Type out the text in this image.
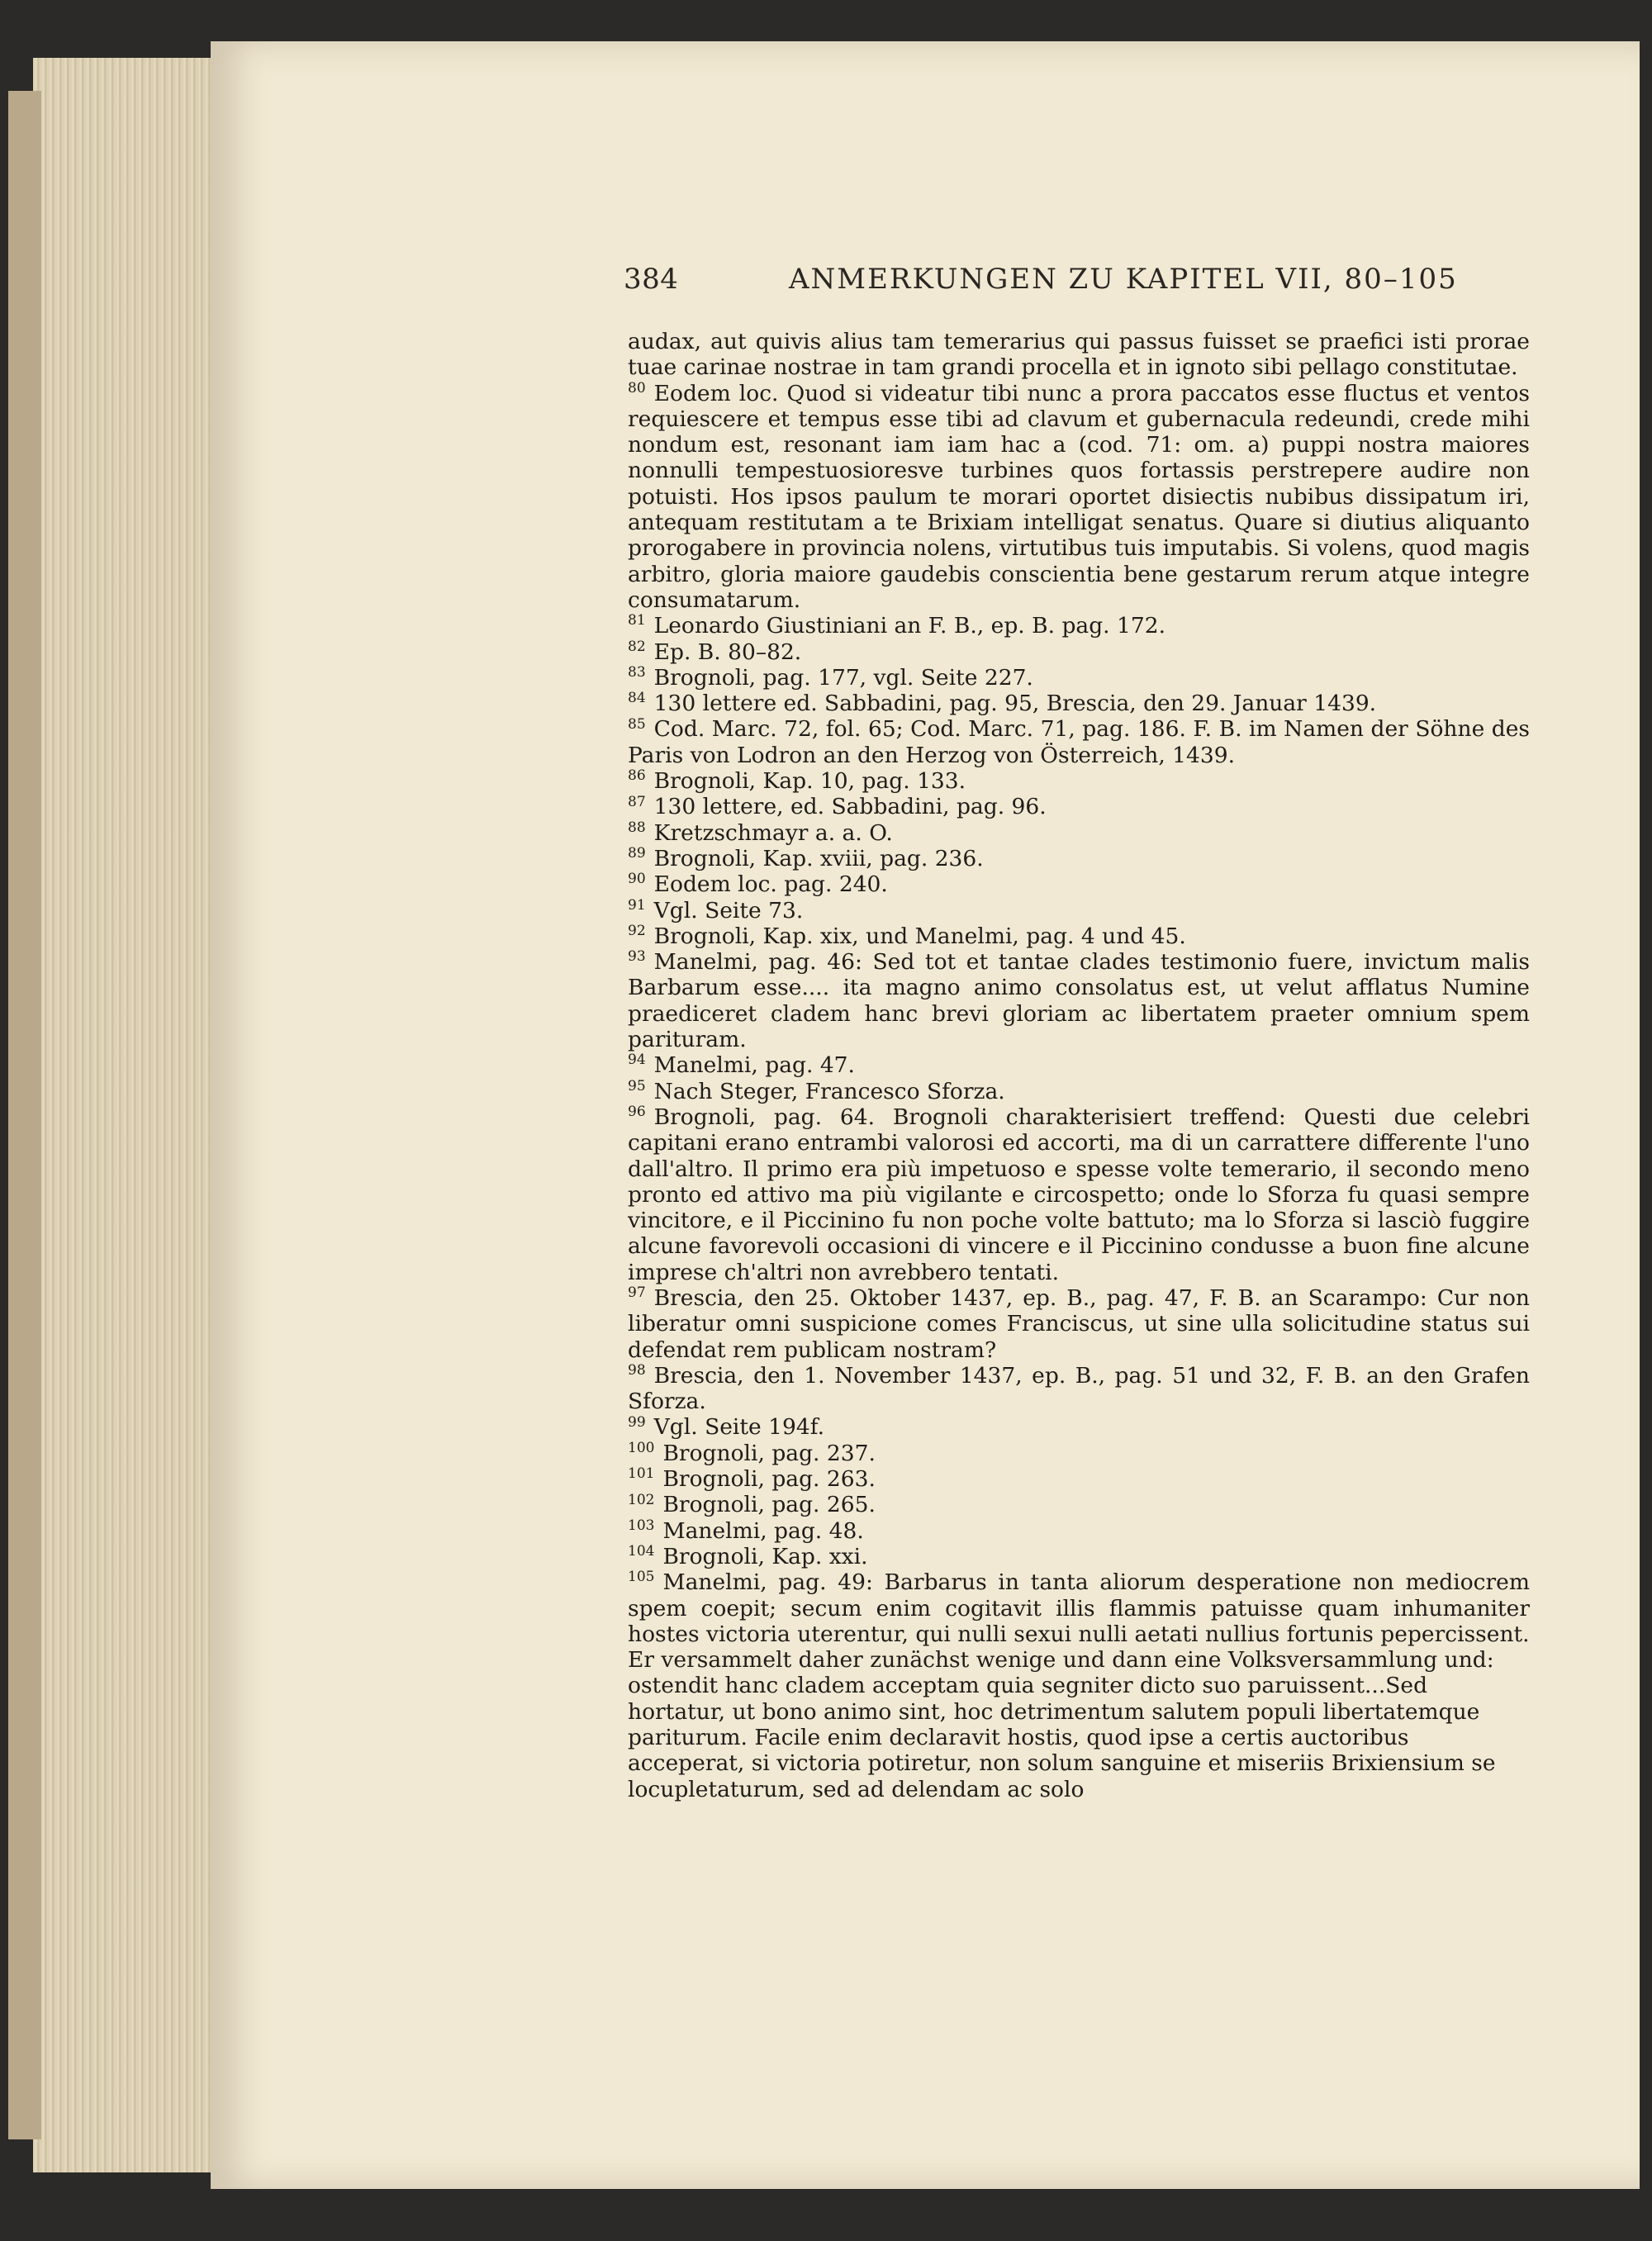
384	ANMERKUNGEN ZU KAPITEL VII, 80–105

audax, aut quivis alius tam temerarius qui passus fuisset se praefici isti prorae tuae carinae nostrae in tam grandi procella et in ignoto sibi pellago constitutae.

$^{80}$ Eodem loc. Quod si videatur tibi nunc a prora paccatos esse fluctus et ventos requiescere et tempus esse tibi ad clavum et gubernacula redeundi, crede mihi nondum est, resonant iam iam hac a (cod. 71: om. a) puppi nostra maiores nonnulli tempestuosioresve turbines quos fortassis perstrepere audire non potuisti. Hos ipsos paulum te morari oportet disiectis nubibus dissipatum iri, antequam restitutam a te Brixiam intelligat senatus. Quare si diutius aliquanto prorogabere in provincia nolens, virtutibus tuis imputabis. Si volens, quod magis arbitro, gloria maiore gaudebis conscientia bene gestarum rerum atque integre consumatarum.

$^{81}$ Leonardo Giustiniani an F. B., ep. B. pag. 172.

$^{82}$ Ep. B. 80–82.

$^{83}$ Brognoli, pag. 177, vgl. Seite 227.

$^{84}$ 130 lettere ed. Sabbadini, pag. 95, Brescia, den 29. Januar 1439.

$^{85}$ Cod. Marc. 72, fol. 65; Cod. Marc. 71, pag. 186. F. B. im Namen der Söhne des Paris von Lodron an den Herzog von Österreich, 1439.

$^{86}$ Brognoli, Kap. 10, pag. 133.

$^{87}$ 130 lettere, ed. Sabbadini, pag. 96.

$^{88}$ Kretzschmayr a. a. O.

$^{89}$ Brognoli, Kap. xviii, pag. 236.

$^{90}$ Eodem loc. pag. 240.

$^{91}$ Vgl. Seite 73.

$^{92}$ Brognoli, Kap. xix, und Manelmi, pag. 4 und 45.

$^{93}$ Manelmi, pag. 46: Sed tot et tantae clades testimonio fuere, invictum malis Barbarum esse.... ita magno animo consolatus est, ut velut afflatus Numine praediceret cladem hanc brevi gloriam ac libertatem praeter omnium spem parituram.

$^{94}$ Manelmi, pag. 47.

$^{95}$ Nach Steger, Francesco Sforza.

$^{96}$ Brognoli, pag. 64. Brognoli charakterisiert treffend: Questi due celebri capitani erano entrambi valorosi ed accorti, ma di un carrattere differente l'uno dall'altro. Il primo era più impetuoso e spesse volte temerario, il secondo meno pronto ed attivo ma più vigilante e circospetto; onde lo Sforza fu quasi sempre vincitore, e il Piccinino fu non poche volte battuto; ma lo Sforza si lasciò fuggire alcune favorevoli occasioni di vincere e il Piccinino condusse a buon fine alcune imprese ch'altri non avrebbero tentati.

$^{97}$ Brescia, den 25. Oktober 1437, ep. B., pag. 47, F. B. an Scarampo: Cur non liberatur omni suspicione comes Franciscus, ut sine ulla solicitudine status sui defendat rem publicam nostram?

$^{98}$ Brescia, den 1. November 1437, ep. B., pag. 51 und 32, F. B. an den Grafen Sforza.

$^{99}$ Vgl. Seite 194f.

$^{100}$ Brognoli, pag. 237.

$^{101}$ Brognoli, pag. 263.

$^{102}$ Brognoli, pag. 265.

$^{103}$ Manelmi, pag. 48.

$^{104}$ Brognoli, Kap. xxi.

$^{105}$ Manelmi, pag. 49: Barbarus in tanta aliorum desperatione non mediocrem spem coepit; secum enim cogitavit illis flammis patuisse quam inhumaniter hostes victoria uterentur, qui nulli sexui nulli aetati nullius fortunis pepercissent.

Er versammelt daher zunächst wenige und dann eine Volksversammlung und: ostendit hanc cladem acceptam quia segniter dicto suo paruissent...Sed hortatur, ut bono animo sint, hoc detrimentum salutem populi libertatemque pariturum. Facile enim declaravit hostis, quod ipse a certis auctoribus acceperat, si victoria potiretur, non solum sanguine et miseriis Brixiensium se locupletaturum, sed ad delendam ac solo
